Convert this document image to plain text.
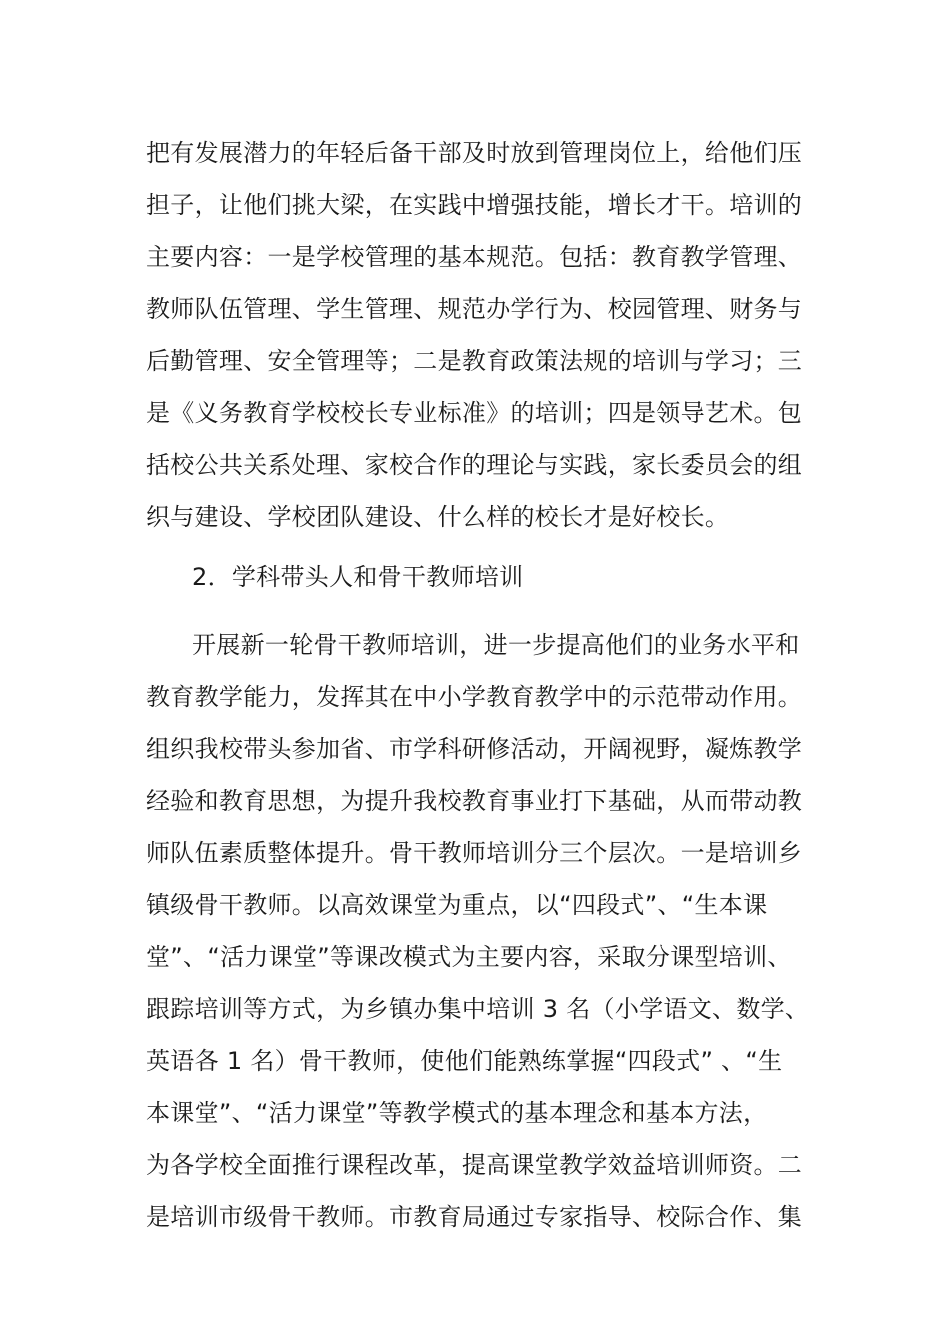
把有发展潜力的年轻后备干部及时放到管理岗位上，给他们压
担子，让他们挑大梁，在实践中增强技能，增长才干。培训的
主要内容：一是学校管理的基本规范。包括：教育教学管理、
教师队伍管理、学生管理、规范办学行为、校园管理、财务与
后勤管理、安全管理等；二是教育政策法规的培训与学习；三
是《义务教育学校校长专业标准》的培训；四是领导艺术。包
括校公共关系处理、家校合作的理论与实践，家长委员会的组
织与建设、学校团队建设、什么样的校长才是好校长。
2．学科带头人和骨干教师培训
开展新一轮骨干教师培训，进一步提高他们的业务水平和
教育教学能力，发挥其在中小学教育教学中的示范带动作用。
组织我校带头参加省、市学科研修活动，开阔视野，凝炼教学
经验和教育思想，为提升我校教育事业打下基础，从而带动教
师队伍素质整体提升。骨干教师培训分三个层次。一是培训乡
镇级骨干教师。以高效课堂为重点，以“四段式”、“生本课
堂”、“活力课堂”等课改模式为主要内容，采取分课型培训、
跟踪培训等方式，为乡镇办集中培训 3 名（小学语文、数学、
英语各 1 名）骨干教师，使他们能熟练掌握“四段式” 、“生
本课堂”、“活力课堂”等教学模式的基本理念和基本方法，
为各学校全面推行课程改革，提高课堂教学效益培训师资。二
是培训市级骨干教师。市教育局通过专家指导、校际合作、集
